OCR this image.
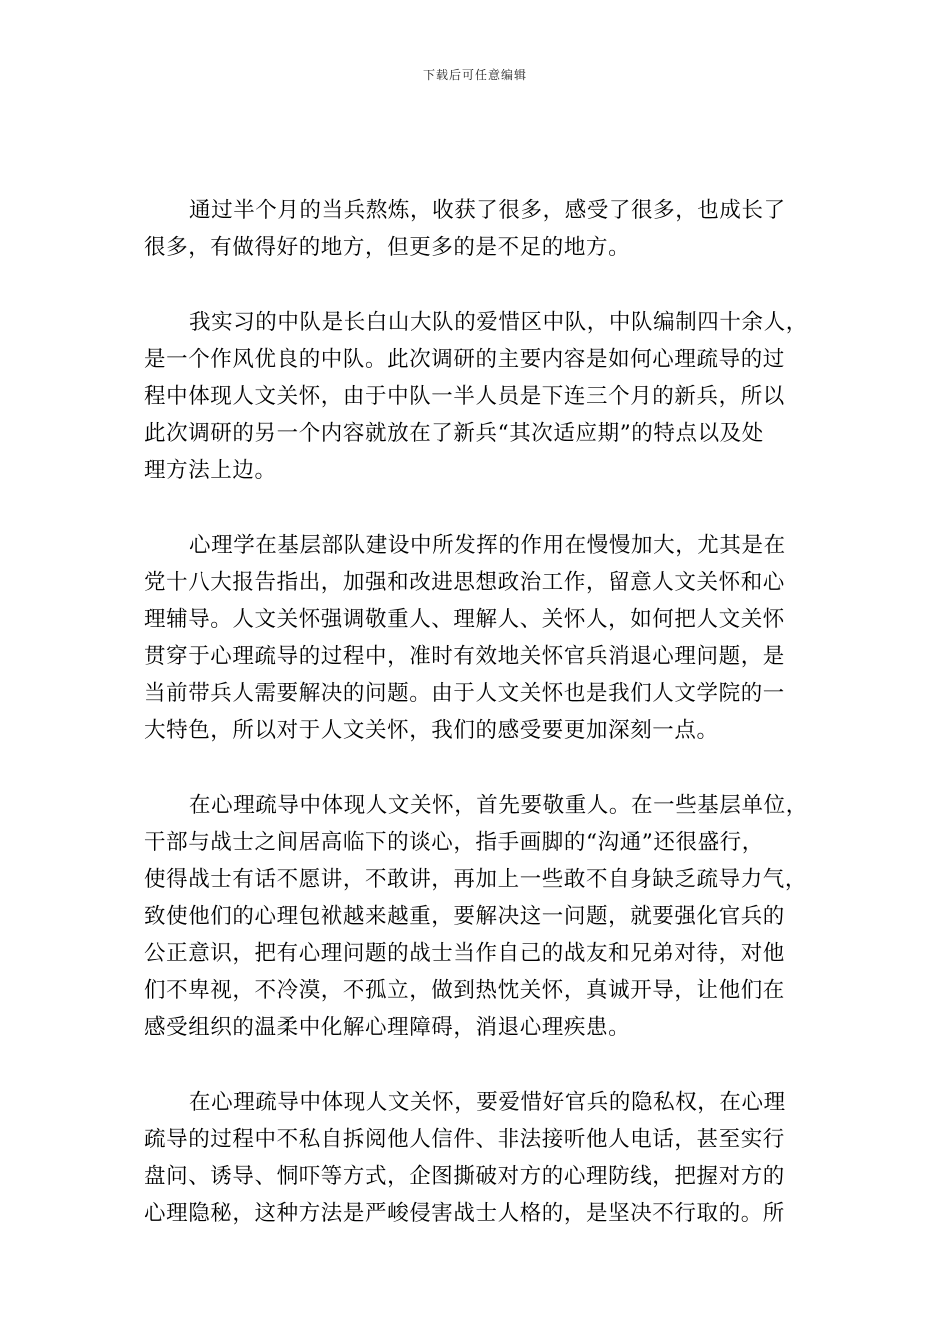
下载后可任意编辑

通过半个月的当兵熬炼，收获了很多，感受了很多，也成长了
很多，有做得好的地方，但更多的是不足的地方。

我实习的中队是长白山大队的爱惜区中队，中队编制四十余人，
是一个作风优良的中队。此次调研的主要内容是如何心理疏导的过
程中体现人文关怀，由于中队一半人员是下连三个月的新兵，所以
此次调研的另一个内容就放在了新兵“其次适应期”的特点以及处
理方法上边。

心理学在基层部队建设中所发挥的作用在慢慢加大，尤其是在
党十八大报告指出，加强和改进思想政治工作，留意人文关怀和心
理辅导。人文关怀强调敬重人、理解人、关怀人，如何把人文关怀
贯穿于心理疏导的过程中，准时有效地关怀官兵消退心理问题，是
当前带兵人需要解决的问题。由于人文关怀也是我们人文学院的一
大特色，所以对于人文关怀，我们的感受要更加深刻一点。

在心理疏导中体现人文关怀，首先要敬重人。在一些基层单位，
干部与战士之间居高临下的谈心，指手画脚的“沟通”还很盛行，
使得战士有话不愿讲，不敢讲，再加上一些敢不自身缺乏疏导力气，
致使他们的心理包袱越来越重，要解决这一问题，就要强化官兵的
公正意识，把有心理问题的战士当作自己的战友和兄弟对待，对他
们不卑视，不冷漠，不孤立，做到热忱关怀，真诚开导，让他们在
感受组织的温柔中化解心理障碍，消退心理疾患。

在心理疏导中体现人文关怀，要爱惜好官兵的隐私权，在心理
疏导的过程中不私自拆阅他人信件、非法接听他人电话，甚至实行
盘问、诱导、恫吓等方式，企图撕破对方的心理防线，把握对方的
心理隐秘，这种方法是严峻侵害战士人格的，是坚决不行取的。所
